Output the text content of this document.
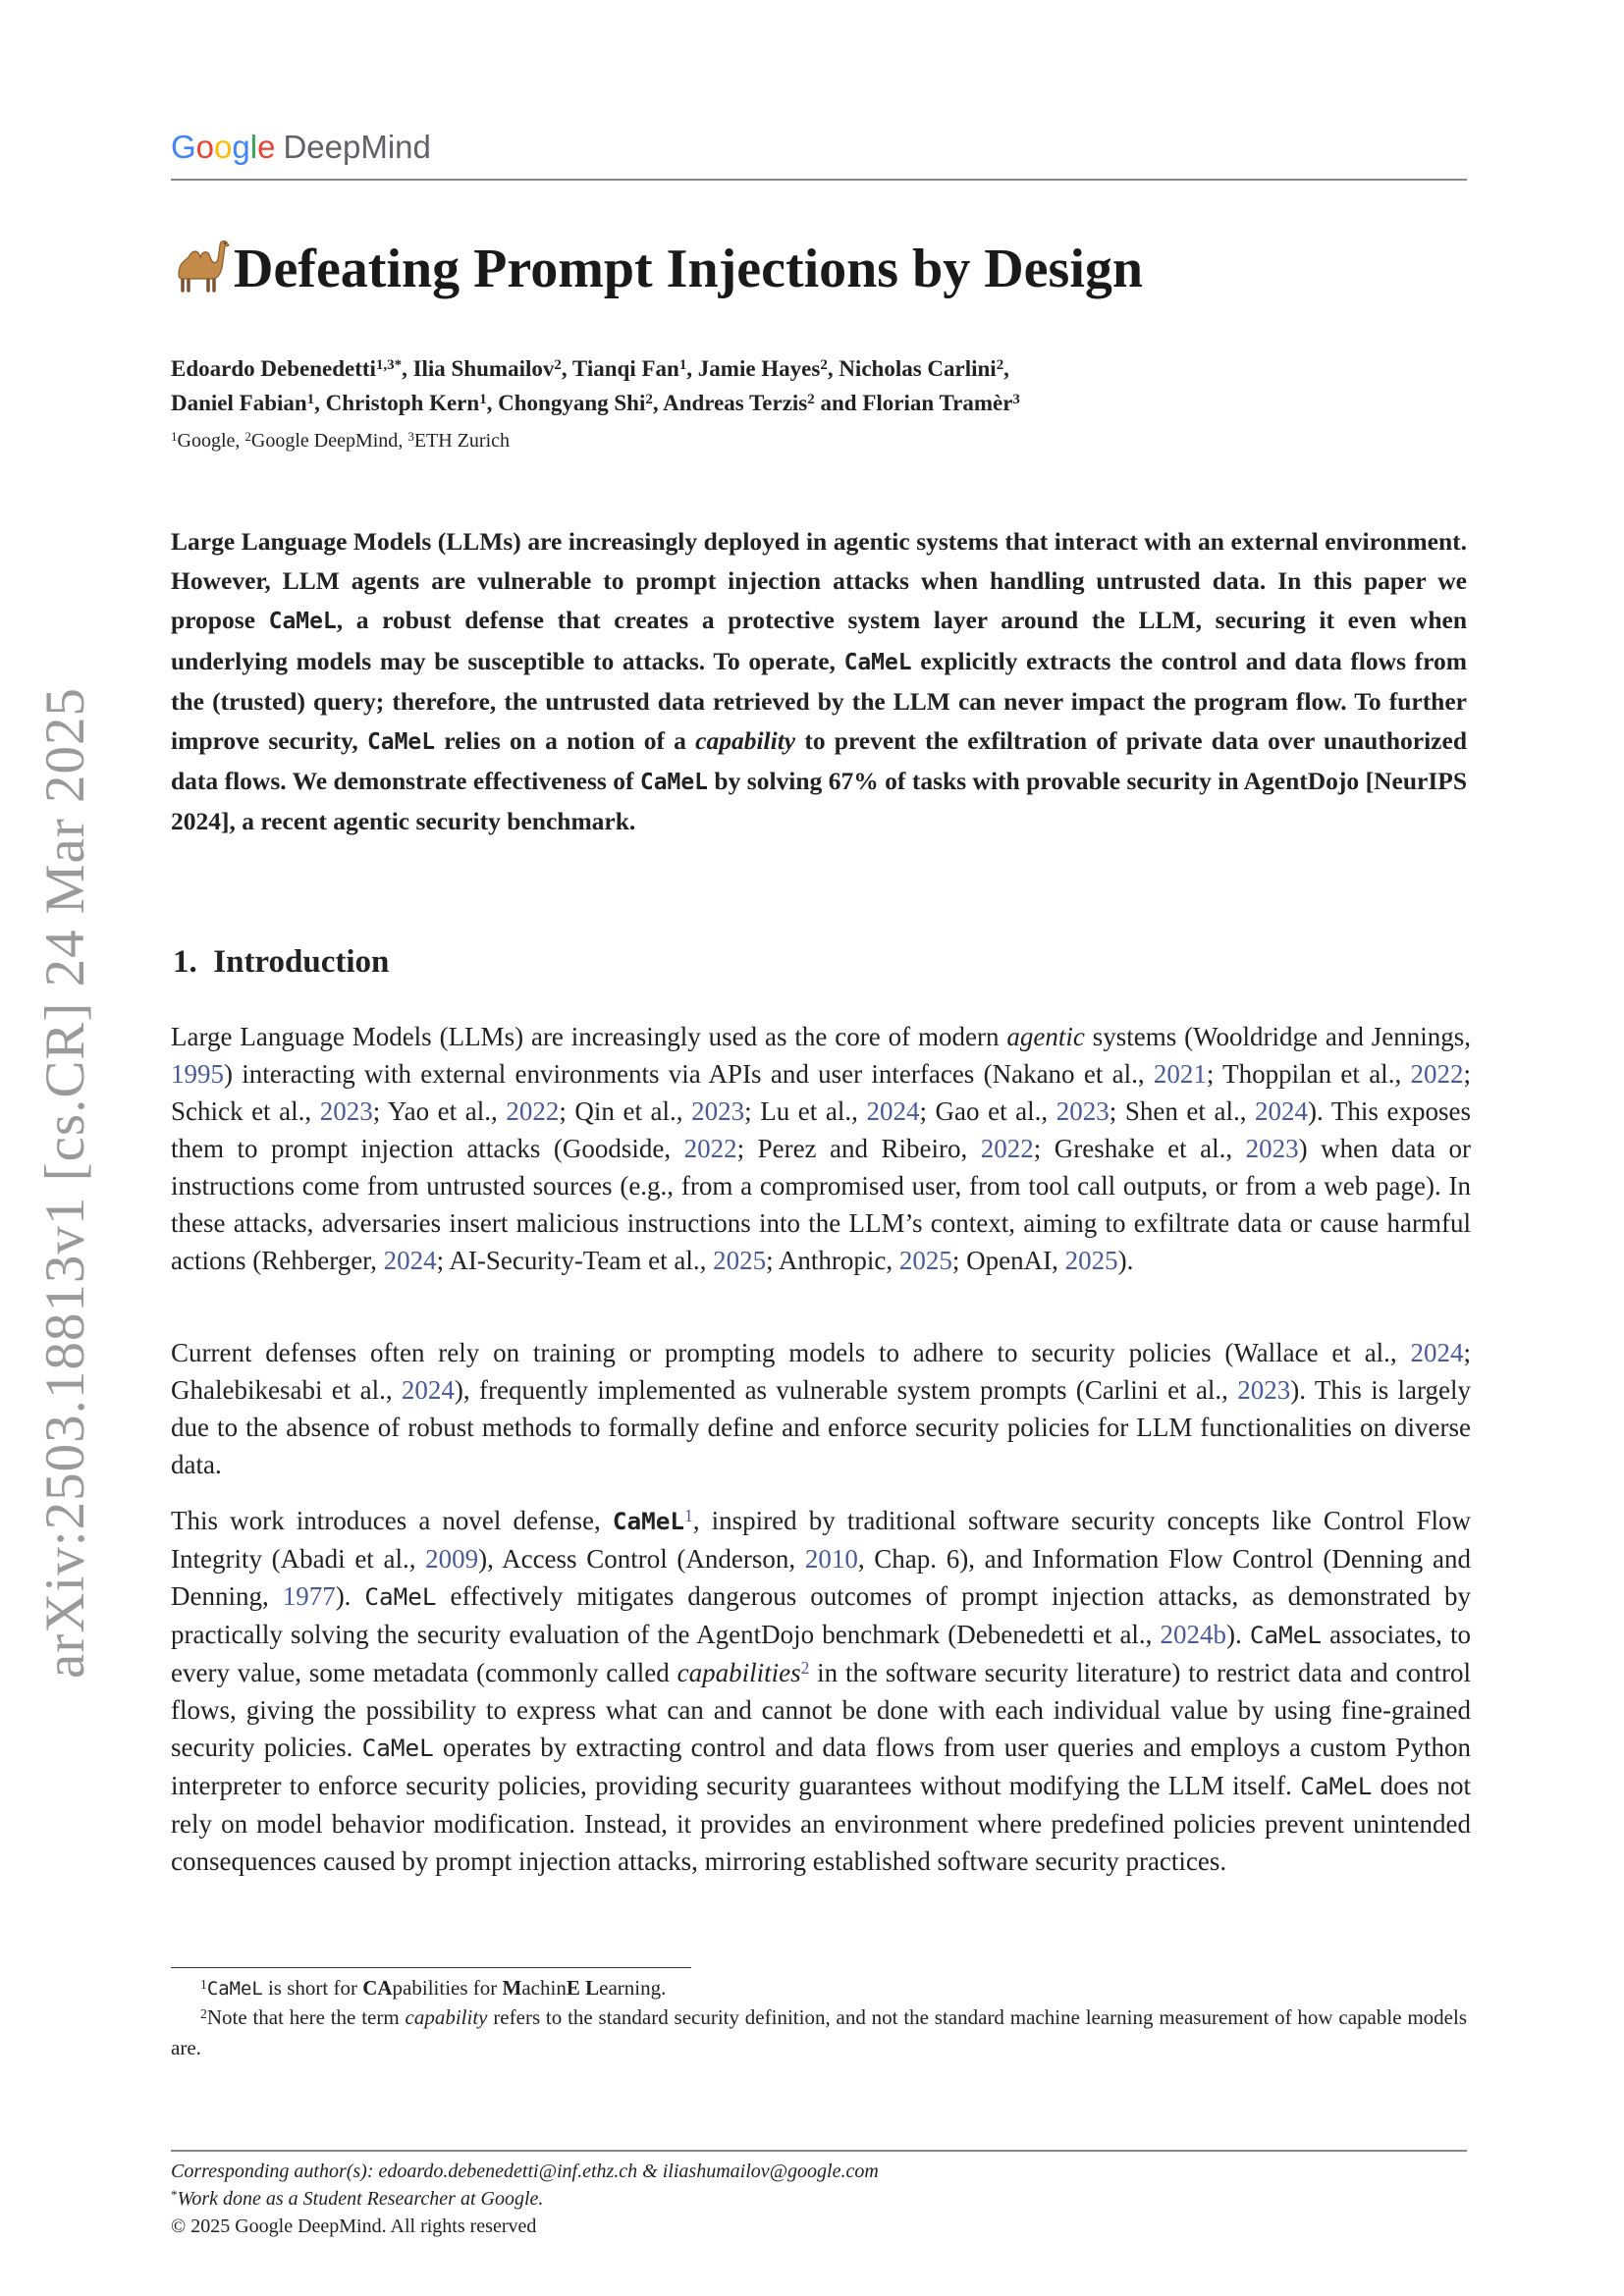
Google DeepMind
Defeating Prompt Injections by Design
Edoardo Debenedetti$^{1,3*}$, Ilia Shumailov$^2$, Tianqi Fan$^1$, Jamie Hayes$^2$, Nicholas Carlini$^2$,
Daniel Fabian$^1$, Christoph Kern$^1$, Chongyang Shi$^2$, Andreas Terzis$^2$ and Florian Tramèr$^3$
$^1$Google, $^2$Google DeepMind, $^3$ETH Zurich
Large Language Models (LLMs) are increasingly deployed in agentic systems that interact with an external environment. However, LLM agents are vulnerable to prompt injection attacks when handling untrusted data. In this paper we propose CaMeL, a robust defense that creates a protective system layer around the LLM, securing it even when underlying models may be susceptible to attacks. To operate, CaMeL explicitly extracts the control and data flows from the (trusted) query; therefore, the untrusted data retrieved by the LLM can never impact the program flow. To further improve security, CaMeL relies on a notion of a capability to prevent the exfiltration of private data over unauthorized data flows. We demonstrate effectiveness of CaMeL by solving 67% of tasks with provable security in AgentDojo [NeurIPS 2024], a recent agentic security benchmark.
1. Introduction
Large Language Models (LLMs) are increasingly used as the core of modern agentic systems (Wooldridge and Jennings, 1995) interacting with external environments via APIs and user interfaces (Nakano et al., 2021; Thoppilan et al., 2022; Schick et al., 2023; Yao et al., 2022; Qin et al., 2023; Lu et al., 2024; Gao et al., 2023; Shen et al., 2024). This exposes them to prompt injection attacks (Goodside, 2022; Perez and Ribeiro, 2022; Greshake et al., 2023) when data or instructions come from untrusted sources (e.g., from a compromised user, from tool call outputs, or from a web page). In these attacks, adversaries insert malicious instructions into the LLM’s context, aiming to exfiltrate data or cause harmful actions (Rehberger, 2024; AI-Security-Team et al., 2025; Anthropic, 2025; OpenAI, 2025).
Current defenses often rely on training or prompting models to adhere to security policies (Wallace et al., 2024; Ghalebikesabi et al., 2024), frequently implemented as vulnerable system prompts (Carlini et al., 2023). This is largely due to the absence of robust methods to formally define and enforce security policies for LLM functionalities on diverse data.
This work introduces a novel defense, CaMeL$^1$, inspired by traditional software security concepts like Control Flow Integrity (Abadi et al., 2009), Access Control (Anderson, 2010, Chap. 6), and Information Flow Control (Denning and Denning, 1977). CaMeL effectively mitigates dangerous outcomes of prompt injection attacks, as demonstrated by practically solving the security evaluation of the AgentDojo benchmark (Debenedetti et al., 2024b). CaMeL associates, to every value, some metadata (commonly called capabilities$^2$ in the software security literature) to restrict data and control flows, giving the possibility to express what can and cannot be done with each individual value by using fine-grained security policies. CaMeL operates by extracting control and data flows from user queries and employs a custom Python interpreter to enforce security policies, providing security guarantees without modifying the LLM itself. CaMeL does not rely on model behavior modification. Instead, it provides an environment where predefined policies prevent unintended consequences caused by prompt injection attacks, mirroring established software security practices.
$^1$CaMeL is short for CApabilities for MachinE Learning.
$^2$Note that here the term capability refers to the standard security definition, and not the standard machine learning measurement of how capable models are.
Corresponding author(s): edoardo.debenedetti@inf.ethz.ch & iliashumailov@google.com
*Work done as a Student Researcher at Google.
© 2025 Google DeepMind. All rights reserved
arXiv:2503.18813v1 [cs.CR] 24 Mar 2025
